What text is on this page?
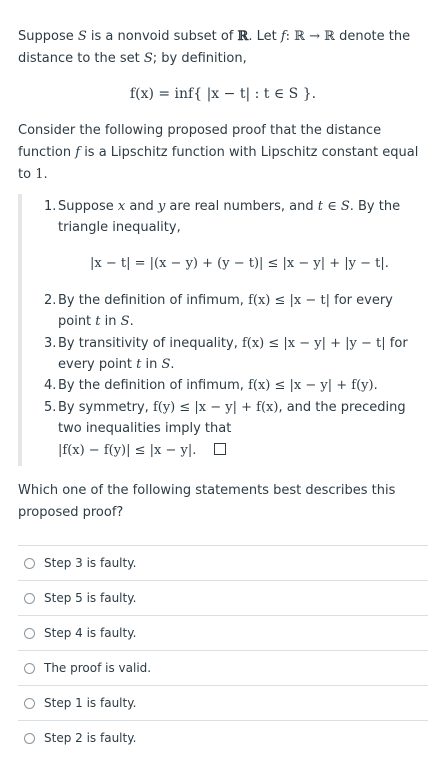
Suppose S is a nonvoid subset of ℝ. Let f: ℝ → ℝ denote the distance to the set S; by definition,

f(x) = inf{ |x − t| : t ∈ S }.

Consider the following proposed proof that the distance function f is a Lipschitz function with Lipschitz constant equal to 1.

1. Suppose x and y are real numbers, and t ∈ S. By the triangle inequality,
|x − t| = |(x − y) + (y − t)| ≤ |x − y| + |y − t|.
2. By the definition of infimum, f(x) ≤ |x − t| for every point t in S.
3. By transitivity of inequality, f(x) ≤ |x − y| + |y − t| for every point t in S.
4. By the definition of infimum, f(x) ≤ |x − y| + f(y).
5. By symmetry, f(y) ≤ |x − y| + f(x), and the preceding two inequalities imply that
|f(x) − f(y)| ≤ |x − y|.
Which one of the following statements best describes this proposed proof?
Step 3 is faulty.
Step 5 is faulty.
Step 4 is faulty.
The proof is valid.
Step 1 is faulty.
Step 2 is faulty.
